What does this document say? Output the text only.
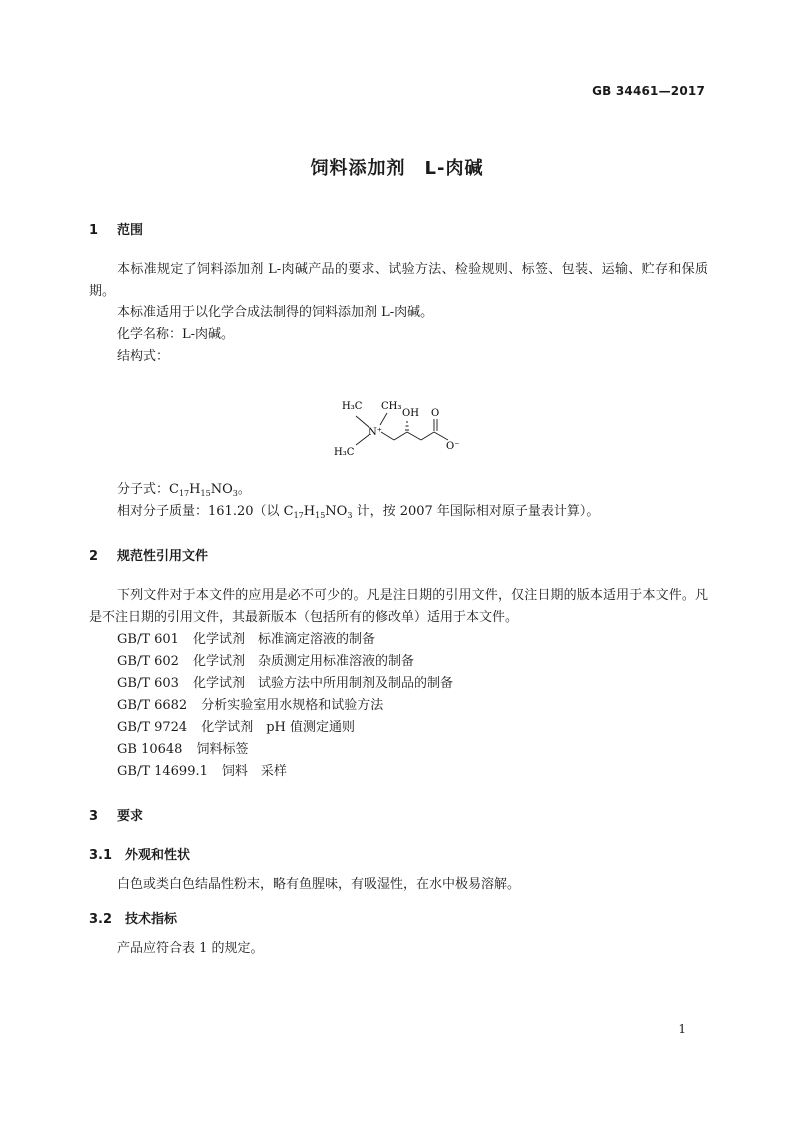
GB 34461—2017
饲料添加剂　L-肉碱
1 范围
本标准规定了饲料添加剂 L-肉碱产品的要求、试验方法、检验规则、标签、包装、运输、贮存和保质期。
本标准适用于以化学合成法制得的饲料添加剂 L-肉碱。
化学名称：L-肉碱。
结构式：
H₃C CH₃
N⁺
OH O
H₃C
O⁻
分子式：$C_{17}H_{15}NO_3$。
相对分子质量：161.20（以 $C_{17}H_{15}NO_3$ 计，按 2007 年国际相对原子量表计算）。
2 规范性引用文件
下列文件对于本文件的应用是必不可少的。凡是注日期的引用文件，仅注日期的版本适用于本文件。凡是不注日期的引用文件，其最新版本（包括所有的修改单）适用于本文件。
GB/T 601 化学试剂　标准滴定溶液的制备
GB/T 602 化学试剂　杂质测定用标准溶液的制备
GB/T 603 化学试剂　试验方法中所用制剂及制品的制备
GB/T 6682 分析实验室用水规格和试验方法
GB/T 9724 化学试剂　pH 值测定通则
GB 10648 饲料标签
GB/T 14699.1 饲料　采样
3 要求
3.1 外观和性状
白色或类白色结晶性粉末，略有鱼腥味，有吸湿性，在水中极易溶解。
3.2 技术指标
产品应符合表 1 的规定。
1
